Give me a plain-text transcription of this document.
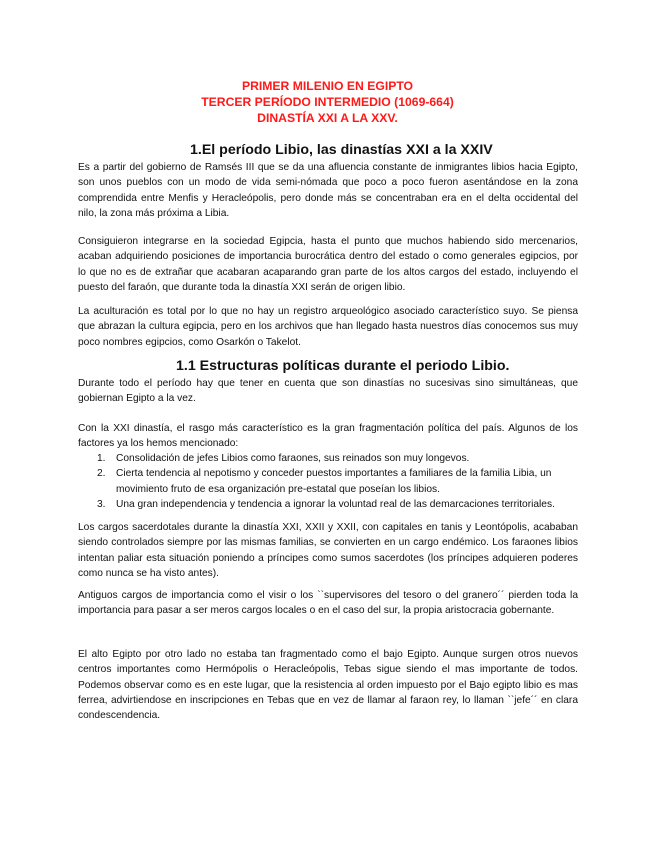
PRIMER MILENIO EN EGIPTO
TERCER PERÍODO INTERMEDIO (1069-664)
DINASTÍA XXI A LA XXV.
1.El período Libio, las dinastías XXI a la XXIV

Es a partir del gobierno de Ramsés III que se da una afluencia constante de inmigrantes libios hacia Egipto, son unos pueblos con un modo de vida semi-nómada que poco a poco fueron asentándose en la zona comprendida entre Menfis y Heracleópolis, pero donde más se concentraban era en el delta occidental del nilo, la zona más próxima a Libia.

Consiguieron integrarse en la sociedad Egipcia, hasta el punto que muchos habiendo sido mercenarios, acaban adquiriendo posiciones de importancia burocrática dentro del estado o como generales egipcios, por lo que no es de extrañar que acabaran acaparando gran parte de los altos cargos del estado, incluyendo el puesto del faraón, que durante toda la dinastía XXI serán de origen libio.

La aculturación es total por lo que no hay un registro arqueológico asociado característico suyo. Se piensa que abrazan la cultura egipcia, pero en los archivos que han llegado hasta nuestros días conocemos sus muy poco nombres egipcios, como Osarkón o Takelot.

1.1 Estructuras políticas durante el periodo Libio.

Durante todo el período hay que tener en cuenta que son dinastías no sucesivas sino simultáneas, que gobiernan Egipto a la vez.

Con la XXI dinastía, el rasgo más característico es la gran fragmentación política del país. Algunos de los factores ya los hemos mencionado:

1. Consolidación de jefes Libios como faraones, sus reinados son muy longevos.
2. Cierta tendencia al nepotismo y conceder puestos importantes a familiares de la familia Libia, un movimiento fruto de esa organización pre-estatal que poseían los libios.
3. Una gran independencia y tendencia a ignorar la voluntad real de las demarcaciones territoriales.

Los cargos sacerdotales durante la dinastía XXI, XXII y XXII, con capitales en tanis y Leontópolis, acababan siendo controlados siempre por las mismas familias, se convierten en un cargo endémico. Los faraones libios intentan paliar esta situación poniendo a príncipes como sumos sacerdotes (los príncipes adquieren poderes como nunca se ha visto antes).

Antiguos cargos de importancia como el visir o los ``supervisores del tesoro o del granero´´ pierden toda la importancia para pasar a ser meros cargos locales o en el caso del sur, la propia aristocracia gobernante.

El alto Egipto por otro lado no estaba tan fragmentado como el bajo Egipto. Aunque surgen otros nuevos centros importantes como Hermópolis o Heracleópolis, Tebas sigue siendo el mas importante de todos. Podemos observar como es en este lugar, que la resistencia al orden impuesto por el Bajo egipto libio es mas ferrea, advirtiendose en inscripciones en Tebas que en vez de llamar al faraon rey, lo llaman ``jefe´´ en clara condescendencia.
